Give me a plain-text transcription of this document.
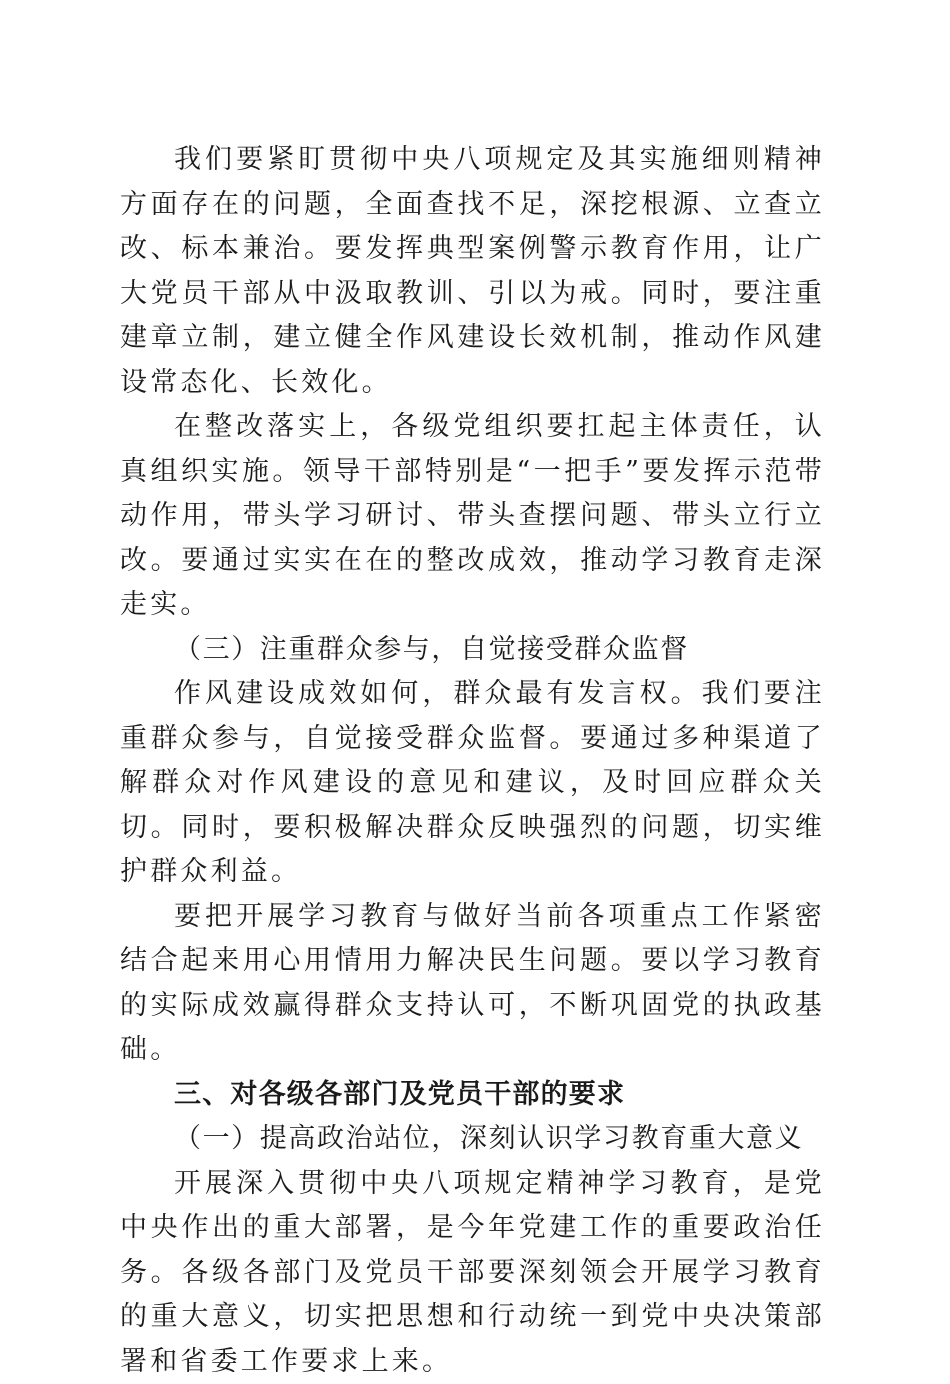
我们要紧盯贯彻中央八项规定及其实施细则精神方面存在的问题，全面查找不足，深挖根源、立查立改、标本兼治。要发挥典型案例警示教育作用，让广大党员干部从中汲取教训、引以为戒。同时，要注重建章立制，建立健全作风建设长效机制，推动作风建设常态化、长效化。

在整改落实上，各级党组织要扛起主体责任，认真组织实施。领导干部特别是“一把手”要发挥示范带动作用，带头学习研讨、带头查摆问题、带头立行立改。要通过实实在在的整改成效，推动学习教育走深走实。

（三）注重群众参与，自觉接受群众监督

作风建设成效如何，群众最有发言权。我们要注重群众参与，自觉接受群众监督。要通过多种渠道了解群众对作风建设的意见和建议，及时回应群众关切。同时，要积极解决群众反映强烈的问题，切实维护群众利益。

要把开展学习教育与做好当前各项重点工作紧密结合起来用心用情用力解决民生问题。要以学习教育的实际成效赢得群众支持认可，不断巩固党的执政基础。

三、对各级各部门及党员干部的要求

（一）提高政治站位，深刻认识学习教育重大意义

开展深入贯彻中央八项规定精神学习教育，是党中央作出的重大部署，是今年党建工作的重要政治任务。各级各部门及党员干部要深刻领会开展学习教育的重大意义，切实把思想和行动统一到党中央决策部署和省委工作要求上来。
